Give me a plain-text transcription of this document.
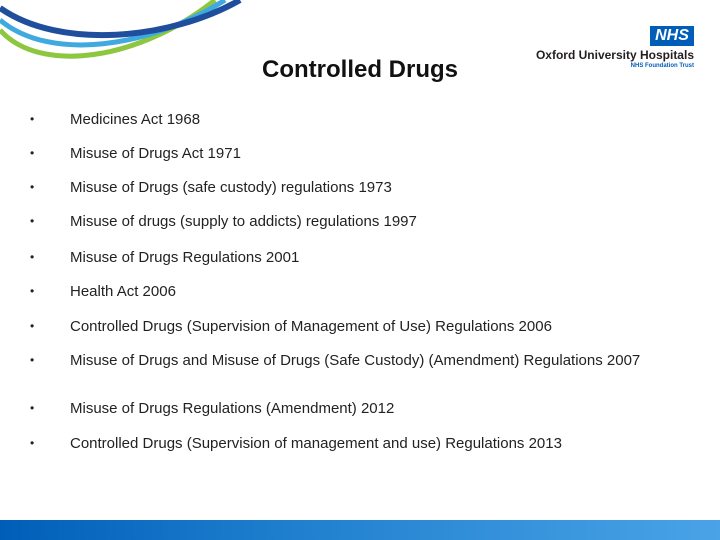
Controlled Drugs
NHS
Oxford University Hospitals
NHS Foundation Trust
•	Medicines Act 1968
•	Misuse of Drugs Act 1971
•	Misuse of Drugs (safe custody) regulations 1973
•	Misuse of drugs (supply to addicts) regulations 1997
•	Misuse of Drugs Regulations 2001
•	Health Act 2006
•	Controlled Drugs (Supervision of Management of Use) Regulations 2006
•	Misuse of Drugs and Misuse of Drugs (Safe Custody) (Amendment) Regulations 2007
•	Misuse of Drugs Regulations (Amendment) 2012
•	Controlled Drugs (Supervision of management and use) Regulations 2013
